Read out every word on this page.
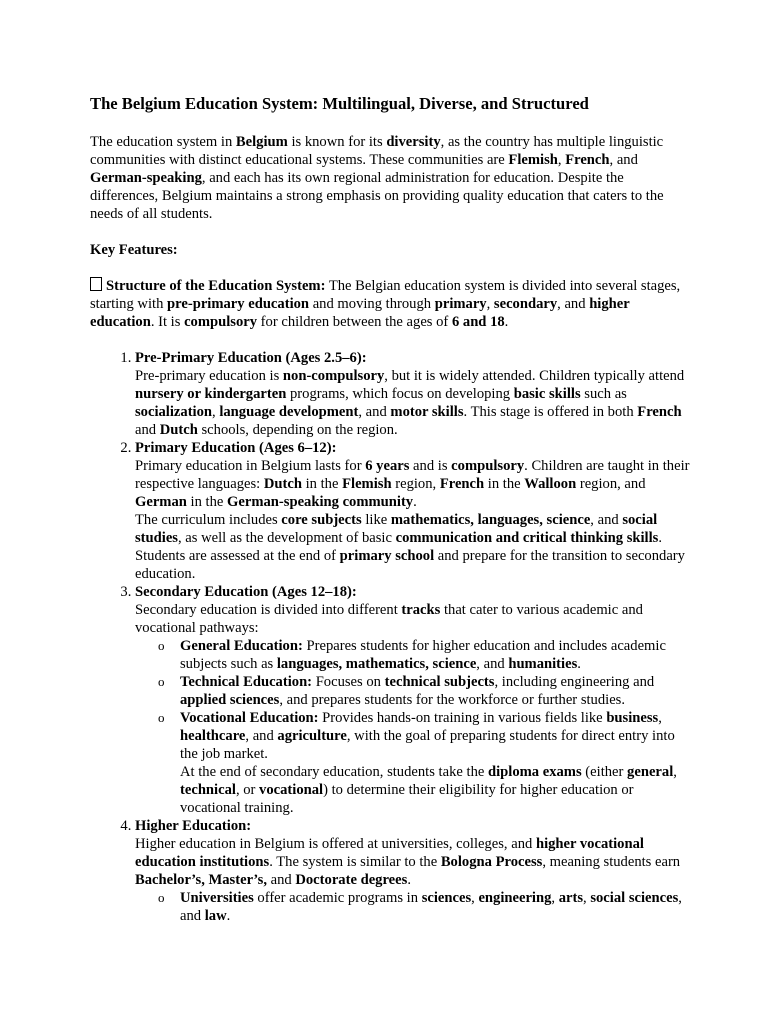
The Belgium Education System: Multilingual, Diverse, and Structured

The education system in Belgium is known for its diversity, as the country has multiple linguistic communities with distinct educational systems. These communities are Flemish, French, and German-speaking, and each has its own regional administration for education. Despite the differences, Belgium maintains a strong emphasis on providing quality education that caters to the needs of all students.

Key Features:

Structure of the Education System: The Belgian education system is divided into several stages, starting with pre-primary education and moving through primary, secondary, and higher education. It is compulsory for children between the ages of 6 and 18.

1. Pre-Primary Education (Ages 2.5–6):
Pre-primary education is non-compulsory, but it is widely attended. Children typically attend nursery or kindergarten programs, which focus on developing basic skills such as socialization, language development, and motor skills. This stage is offered in both French and Dutch schools, depending on the region.
2. Primary Education (Ages 6–12):
Primary education in Belgium lasts for 6 years and is compulsory. Children are taught in their respective languages: Dutch in the Flemish region, French in the Walloon region, and German in the German-speaking community.
The curriculum includes core subjects like mathematics, languages, science, and social studies, as well as the development of basic communication and critical thinking skills. Students are assessed at the end of primary school and prepare for the transition to secondary education.
3. Secondary Education (Ages 12–18):
Secondary education is divided into different tracks that cater to various academic and vocational pathways:
o General Education: Prepares students for higher education and includes academic subjects such as languages, mathematics, science, and humanities.
o Technical Education: Focuses on technical subjects, including engineering and applied sciences, and prepares students for the workforce or further studies.
o Vocational Education: Provides hands-on training in various fields like business, healthcare, and agriculture, with the goal of preparing students for direct entry into the job market.
At the end of secondary education, students take the diploma exams (either general, technical, or vocational) to determine their eligibility for higher education or vocational training.
4. Higher Education:
Higher education in Belgium is offered at universities, colleges, and higher vocational education institutions. The system is similar to the Bologna Process, meaning students earn Bachelor’s, Master’s, and Doctorate degrees.
o Universities offer academic programs in sciences, engineering, arts, social sciences, and law.
